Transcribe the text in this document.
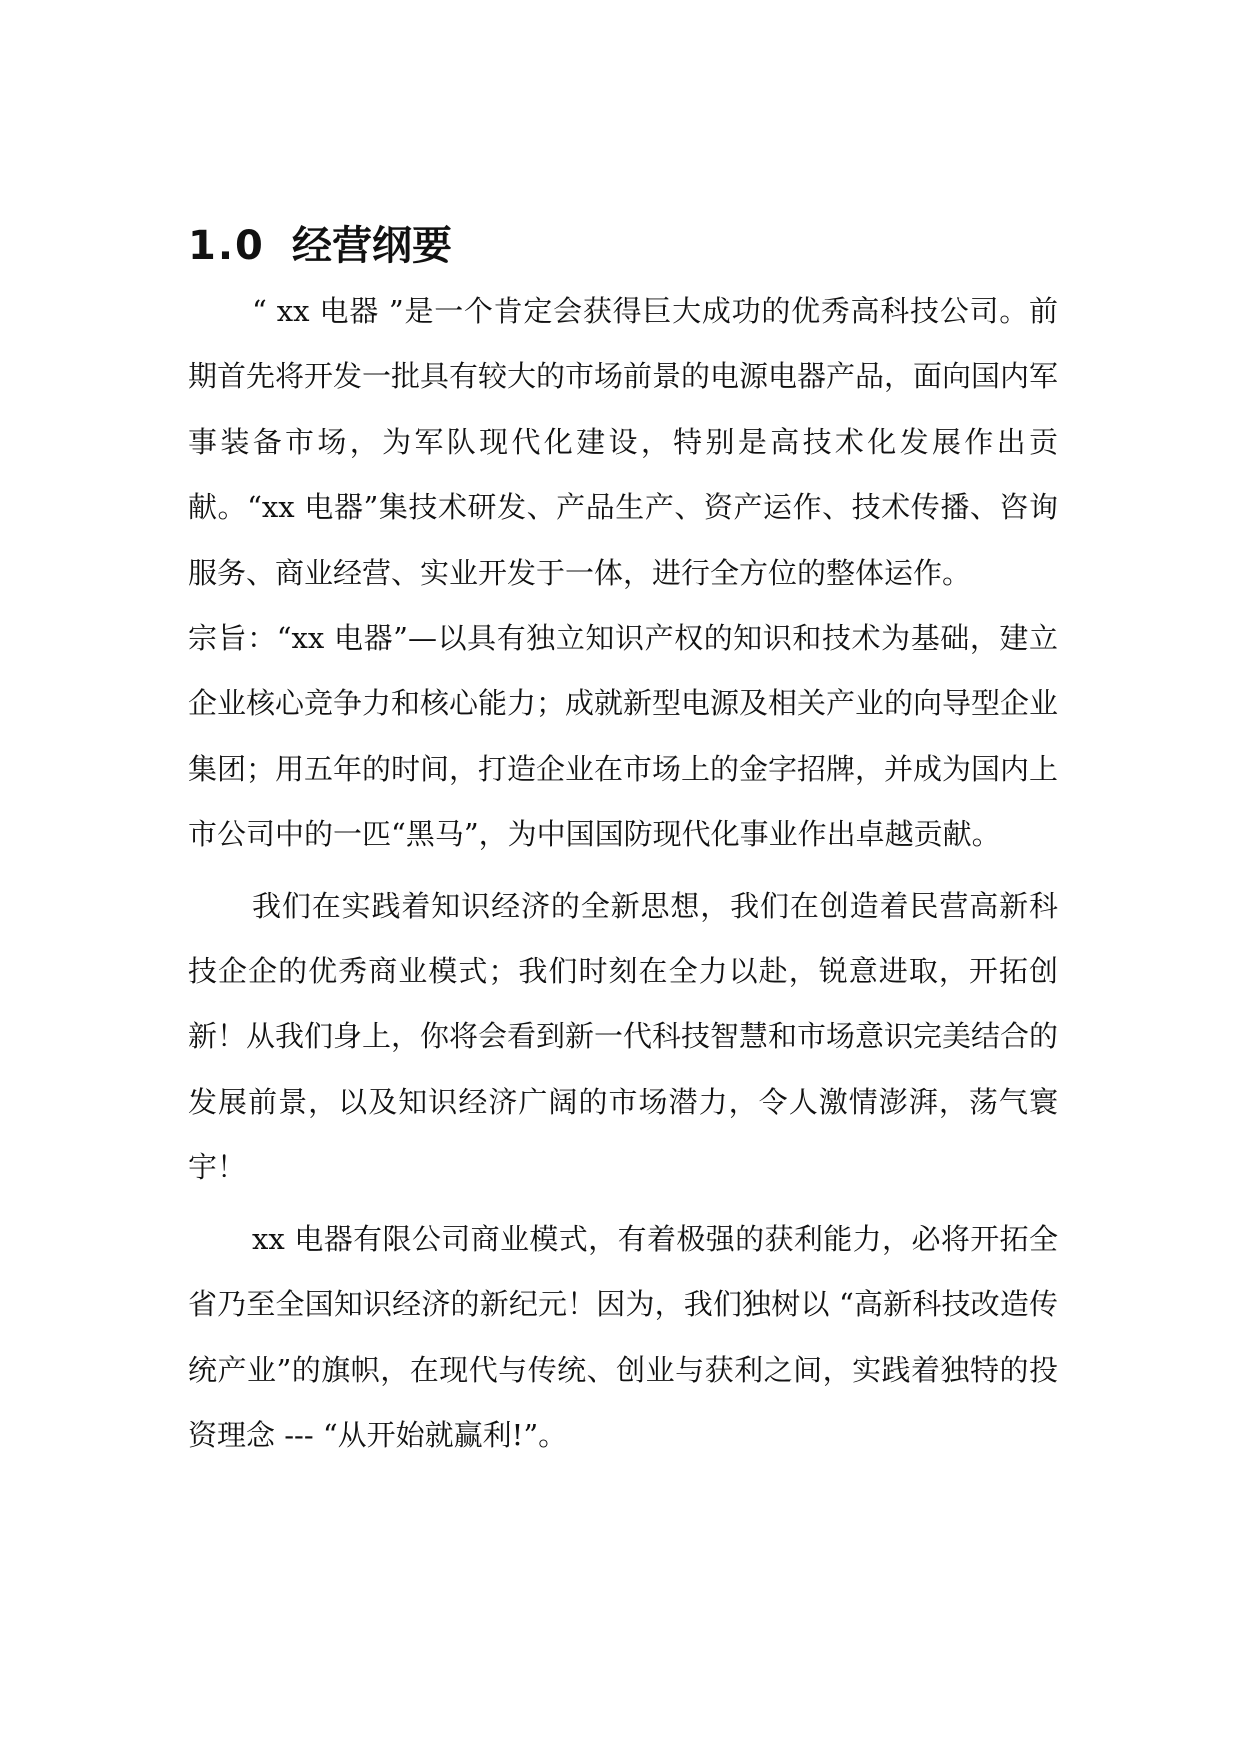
1.0 经营纲要

“ xx 电器 ”是一个肯定会获得巨大成功的优秀高科技公司。前期首先将开发一批具有较大的市场前景的电源电器产品，面向国内军事装备市场，为军队现代化建设，特别是高技术化发展作出贡献。“xx 电器”集技术研发、产品生产、资产运作、技术传播、咨询服务、商业经营、实业开发于一体，进行全方位的整体运作。

宗旨：“xx 电器”—以具有独立知识产权的知识和技术为基础，建立企业核心竞争力和核心能力；成就新型电源及相关产业的向导型企业集团；用五年的时间，打造企业在市场上的金字招牌，并成为国内上市公司中的一匹“黑马”，为中国国防现代化事业作出卓越贡献。

我们在实践着知识经济的全新思想，我们在创造着民营高新科技企企的优秀商业模式；我们时刻在全力以赴，锐意进取，开拓创新！从我们身上，你将会看到新一代科技智慧和市场意识完美结合的发展前景，以及知识经济广阔的市场潜力，令人激情澎湃，荡气寰宇！

xx 电器有限公司商业模式，有着极强的获利能力，必将开拓全省乃至全国知识经济的新纪元！因为，我们独树以 “高新科技改造传统产业”的旗帜，在现代与传统、创业与获利之间，实践着独特的投资理念 --- “从开始就赢利!”。
